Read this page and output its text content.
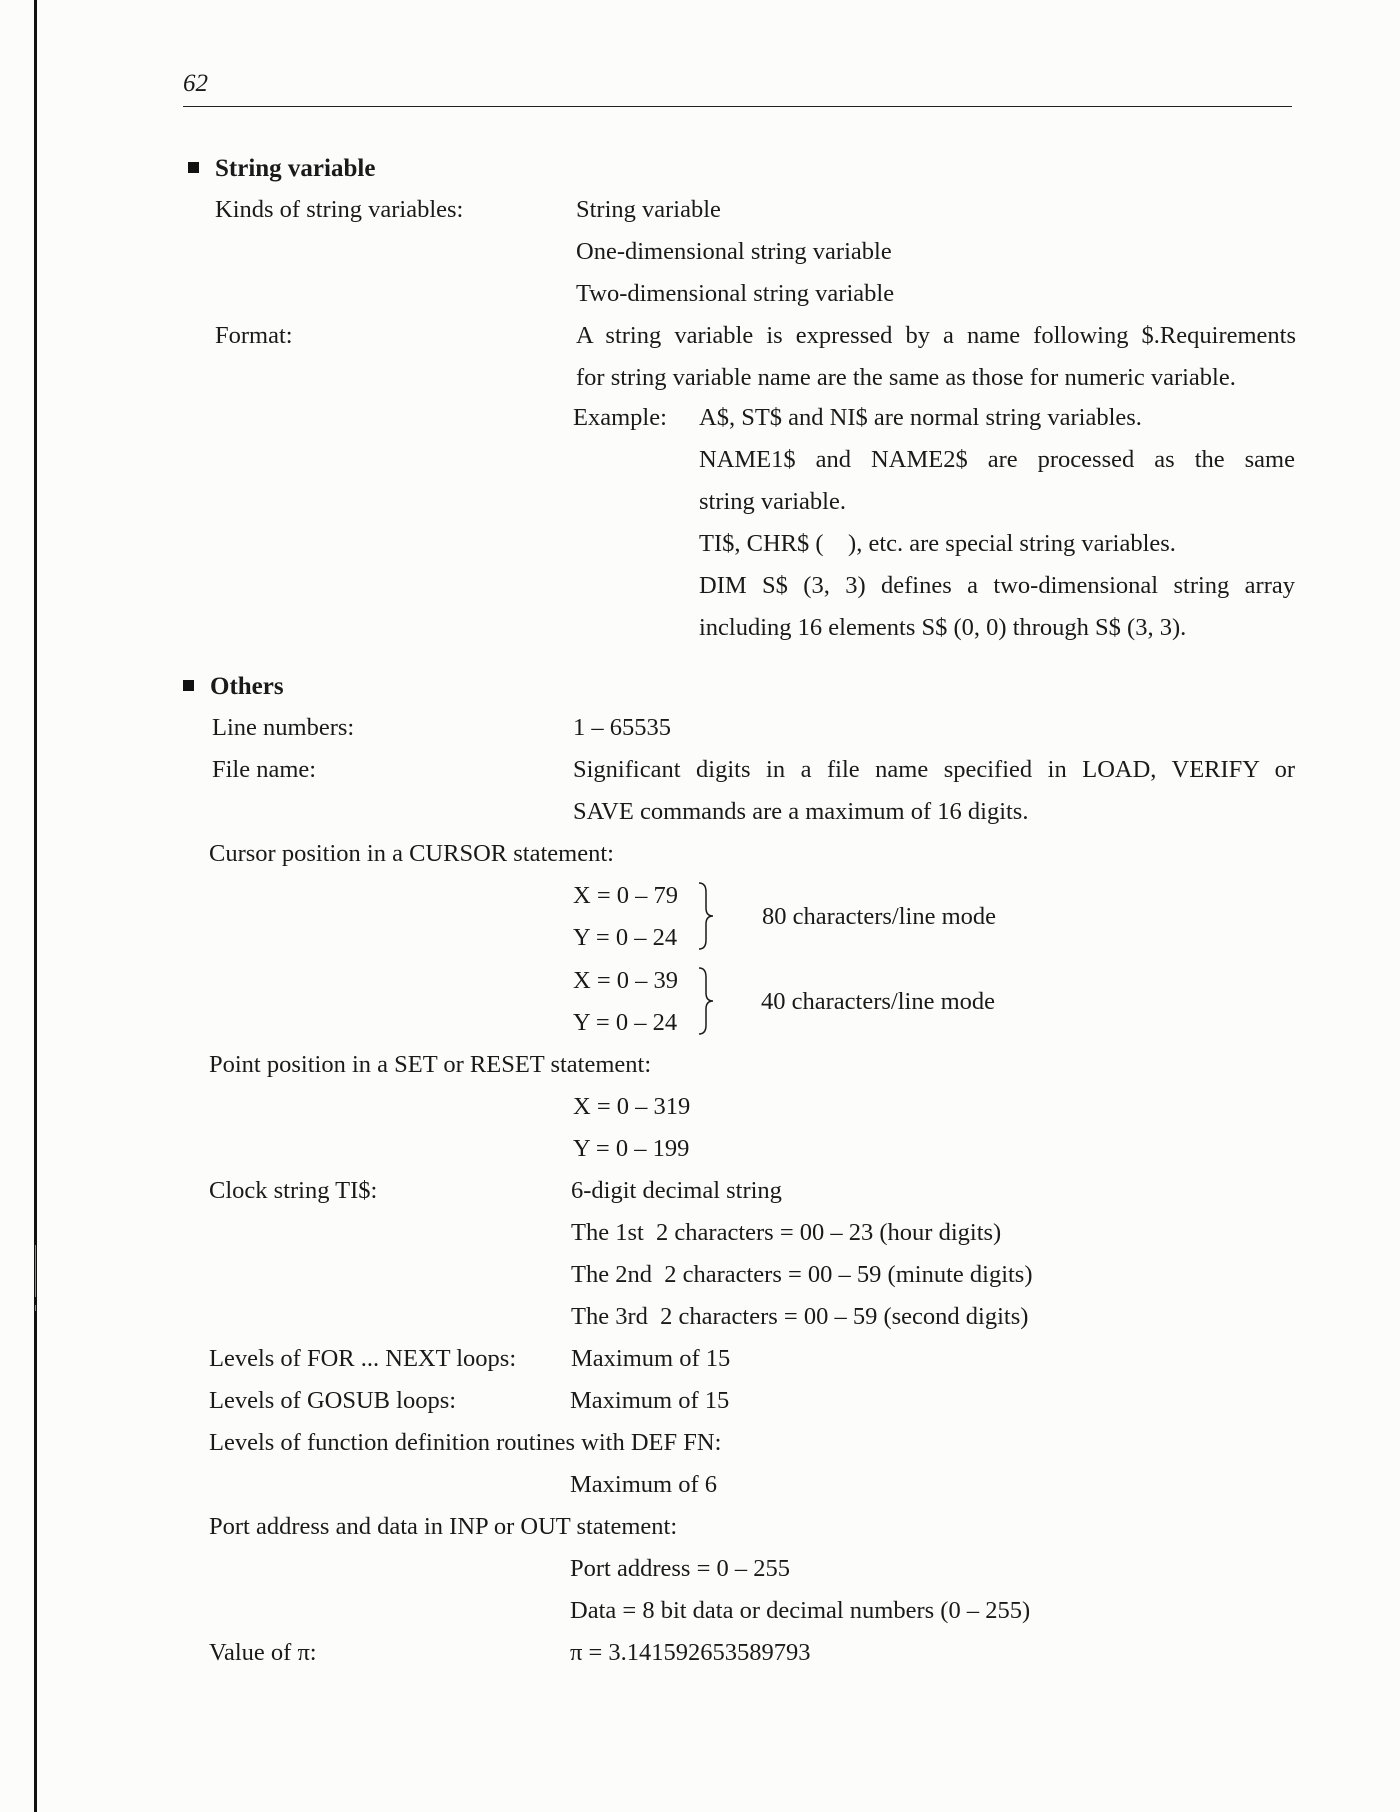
62
String variable
Kinds of string variables:	String variable
One-dimensional string variable
Two-dimensional string variable
Format:	A string variable is expressed by a name following $.Requirements
for string variable name are the same as those for numeric variable.
Example: A$, ST$ and NI$ are normal string variables.
NAME1$ and NAME2$ are processed as the same
string variable.
TI$, CHR$ (    ), etc. are special string variables.
DIM S$ (3, 3) defines a two-dimensional string array
including 16 elements S$ (0, 0) through S$ (3, 3).
Others
Line numbers:	1 – 65535
File name:	Significant digits in a file name specified in LOAD, VERIFY or
SAVE commands are a maximum of 16 digits.
Cursor position in a CURSOR statement:
X = 0 – 79
Y = 0 – 24
80 characters/line mode
X = 0 – 39
Y = 0 – 24
40 characters/line mode
Point position in a SET or RESET statement:
X = 0 – 319
Y = 0 – 199
Clock string TI$:	6-digit decimal string
The 1st  2 characters = 00 – 23 (hour digits)
The 2nd  2 characters = 00 – 59 (minute digits)
The 3rd  2 characters = 00 – 59 (second digits)
Levels of FOR ... NEXT loops: Maximum of 15
Levels of GOSUB loops:	Maximum of 15
Levels of function definition routines with DEF FN:
Maximum of 6
Port address and data in INP or OUT statement:
Port address = 0 – 255
Data = 8 bit data or decimal numbers (0 – 255)
Value of π:	π = 3.141592653589793
